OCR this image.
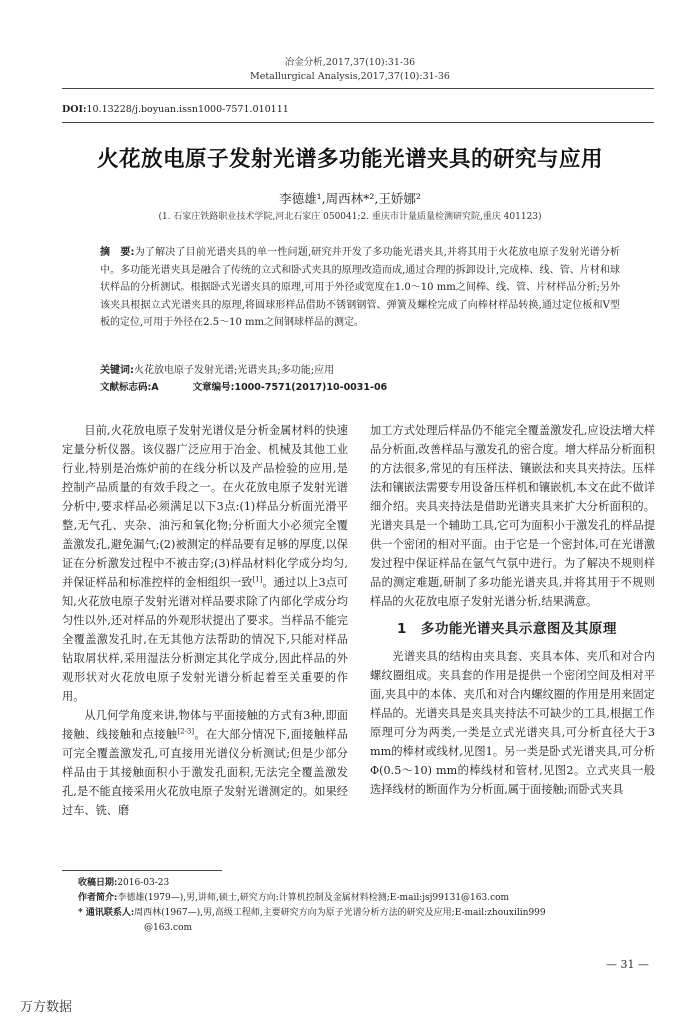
冶金分析,2017,37(10):31-36
Metallurgical Analysis,2017,37(10):31-36
DOI:10.13228/j.boyuan.issn1000-7571.010111
火花放电原子发射光谱多功能光谱夹具的研究与应用
李德雄¹,周西林*²,王娇娜²
(1. 石家庄铁路职业技术学院,河北石家庄 050041;2. 重庆市计量质量检测研究院,重庆 401123)
摘　要:为了解决了目前光谱夹具的单一性问题,研究并开发了多功能光谱夹具,并将其用于火花放电原子发射光谱分析中。多功能光谱夹具是融合了传统的立式和卧式夹具的原理改造而成,通过合理的拆卸设计,完成棒、线、管、片材和球状样品的分析测试。根据卧式光谱夹具的原理,可用于外径或宽度在1.0～10 mm之间棒、线、管、片材样品分析;另外该夹具根据立式光谱夹具的原理,将圆球形样品借助不锈钢钢管、弹簧及螺栓完成了向棒材样品转换,通过定位板和V型板的定位,可用于外径在2.5～10 mm之间钢球样品的测定。
关键词:火花放电原子发射光谱;光谱夹具;多功能;应用
文献标志码:A	文章编号:1000-7571(2017)10-0031-06

目前,火花放电原子发射光谱仪是分析金属材料的快速定量分析仪器。该仪器广泛应用于冶金、机械及其他工业行业,特别是冶炼炉前的在线分析以及产品检验的应用,是控制产品质量的有效手段之一。在火花放电原子发射光谱分析中,要求样品必须满足以下3点:(1)样品分析面光滑平整,无气孔、夹杂、油污和氧化物;分析面大小必须完全覆盖激发孔,避免漏气;(2)被测定的样品要有足够的厚度,以保证在分析激发过程中不被击穿;(3)样品材料化学成分均匀,并保证样品和标准控样的金相组织一致[1]。通过以上3点可知,火花放电原子发射光谱对样品要求除了内部化学成分均匀性以外,还对样品的外观形状提出了要求。当样品不能完全覆盖激发孔时,在无其他方法帮助的情况下,只能对样品钻取屑状样,采用湿法分析测定其化学成分,因此样品的外观形状对火花放电原子发射光谱分析起着至关重要的作用。

从几何学角度来讲,物体与平面接触的方式有3种,即面接触、线接触和点接触[2-3]。在大部分情况下,面接触样品可完全覆盖激发孔,可直接用光谱仪分析测试;但是少部分样品由于其接触面积小于激发孔面积,无法完全覆盖激发孔,是不能直接采用火花放电原子发射光谱测定的。如果经过车、铣、磨

加工方式处理后样品仍不能完全覆盖激发孔,应设法增大样品分析面,改善样品与激发孔的密合度。增大样品分析面积的方法很多,常见的有压样法、镶嵌法和夹具夹持法。压样法和镶嵌法需要专用设备压样机和镶嵌机,本文在此不做详细介绍。夹具夹持法是借助光谱夹具来扩大分析面积的。光谱夹具是一个辅助工具,它可为面积小于激发孔的样品提供一个密闭的相对平面。由于它是一个密封体,可在光谱激发过程中保证样品在氩气气氛中进行。为了解决不规则样品的测定难题,研制了多功能光谱夹具,并将其用于不规则样品的火花放电原子发射光谱分析,结果满意。

1　多功能光谱夹具示意图及其原理

光谱夹具的结构由夹具套、夹具本体、夹爪和对合内螺纹圈组成。夹具套的作用是提供一个密闭空间及相对平面,夹具中的本体、夹爪和对合内螺纹圈的作用是用来固定样品的。光谱夹具是夹具夹持法不可缺少的工具,根据工作原理可分为两类,一类是立式光谱夹具,可分析直径大于3 mm的棒材或线材,见图1。另一类是卧式光谱夹具,可分析Φ(0.5～10) mm的棒线材和管材,见图2。立式夹具一般选择线材的断面作为分析面,属于面接触;而卧式夹具

收稿日期:2016-03-23
作者简介:李德雄(1979—),男,讲师,硕士,研究方向:计算机控制及金属材料检测;E-mail:jsj99131@163.com
* 通讯联系人:周西林(1967—),男,高级工程师,主要研究方向为原子光谱分析方法的研究及应用;E-mail:zhouxilin999
@163.com
— 31 —
万方数据
